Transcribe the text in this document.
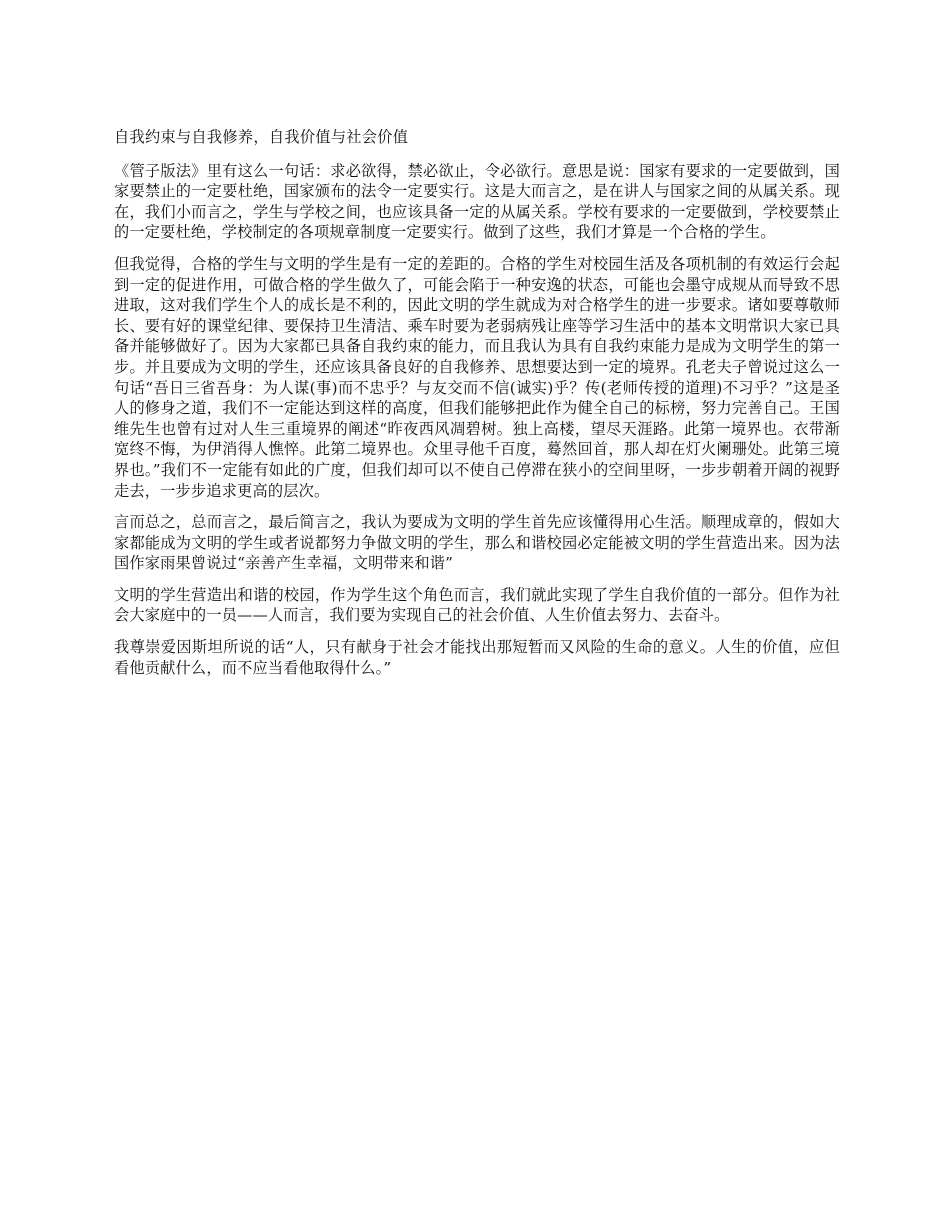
自我约束与自我修养，自我价值与社会价值

《管子版法》里有这么一句话：求必欲得，禁必欲止，令必欲行。意思是说：国家有要求的一定要做到，国家要禁止的一定要杜绝，国家颁布的法令一定要实行。这是大而言之，是在讲人与国家之间的从属关系。现在，我们小而言之，学生与学校之间，也应该具备一定的从属关系。学校有要求的一定要做到，学校要禁止的一定要杜绝，学校制定的各项规章制度一定要实行。做到了这些，我们才算是一个合格的学生。

但我觉得，合格的学生与文明的学生是有一定的差距的。合格的学生对校园生活及各项机制的有效运行会起到一定的促进作用，可做合格的学生做久了，可能会陷于一种安逸的状态，可能也会墨守成规从而导致不思进取，这对我们学生个人的成长是不利的，因此文明的学生就成为对合格学生的进一步要求。诸如要尊敬师长、要有好的课堂纪律、要保持卫生清洁、乘车时要为老弱病残让座等学习生活中的基本文明常识大家已具备并能够做好了。因为大家都已具备自我约束的能力，而且我认为具有自我约束能力是成为文明学生的第一步。并且要成为文明的学生，还应该具备良好的自我修养、思想要达到一定的境界。孔老夫子曾说过这么一句话“吾日三省吾身：为人谋(事)而不忠乎？与友交而不信(诚实)乎？传(老师传授的道理)不习乎？”这是圣人的修身之道，我们不一定能达到这样的高度，但我们能够把此作为健全自己的标榜，努力完善自己。王国维先生也曾有过对人生三重境界的阐述“昨夜西风凋碧树。独上高楼，望尽天涯路。此第一境界也。衣带渐宽终不悔，为伊消得人憔悴。此第二境界也。众里寻他千百度，蓦然回首，那人却在灯火阑珊处。此第三境界也。”我们不一定能有如此的广度，但我们却可以不使自己停滞在狭小的空间里呀，一步步朝着开阔的视野走去，一步步追求更高的层次。

言而总之，总而言之，最后简言之，我认为要成为文明的学生首先应该懂得用心生活。顺理成章的，假如大家都能成为文明的学生或者说都努力争做文明的学生，那么和谐校园必定能被文明的学生营造出来。因为法国作家雨果曾说过“亲善产生幸福，文明带来和谐”

文明的学生营造出和谐的校园，作为学生这个角色而言，我们就此实现了学生自我价值的一部分。但作为社会大家庭中的一员——人而言，我们要为实现自己的社会价值、人生价值去努力、去奋斗。

我尊崇爱因斯坦所说的话“人，只有献身于社会才能找出那短暂而又风险的生命的意义。人生的价值，应但看他贡献什么，而不应当看他取得什么。”
